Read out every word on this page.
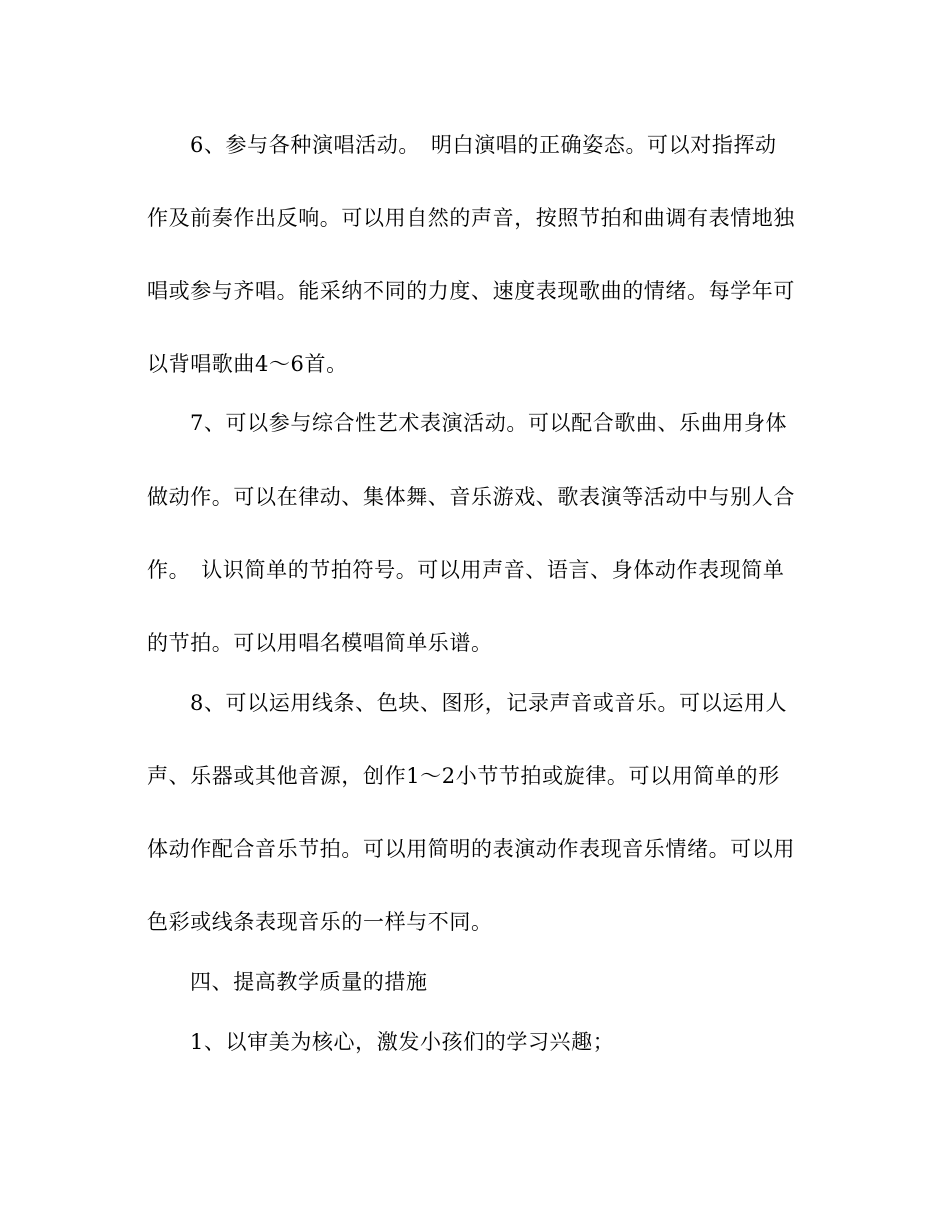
6、参与各种演唱活动。　明白演唱的正确姿态。可以对指挥动
作及前奏作出反响。可以用自然的声音，按照节拍和曲调有表情地独
唱或参与齐唱。能采纳不同的力度、速度表现歌曲的情绪。每学年可
以背唱歌曲4～6首。
7、可以参与综合性艺术表演活动。可以配合歌曲、乐曲用身体
做动作。可以在律动、集体舞、音乐游戏、歌表演等活动中与别人合
作。　认识简单的节拍符号。可以用声音、语言、身体动作表现简单
的节拍。可以用唱名模唱简单乐谱。
8、可以运用线条、色块、图形，记录声音或音乐。可以运用人
声、乐器或其他音源，创作1～2小节节拍或旋律。可以用简单的形
体动作配合音乐节拍。可以用简明的表演动作表现音乐情绪。可以用
色彩或线条表现音乐的一样与不同。
四、提高教学质量的措施
1、以审美为核心，激发小孩们的学习兴趣；
